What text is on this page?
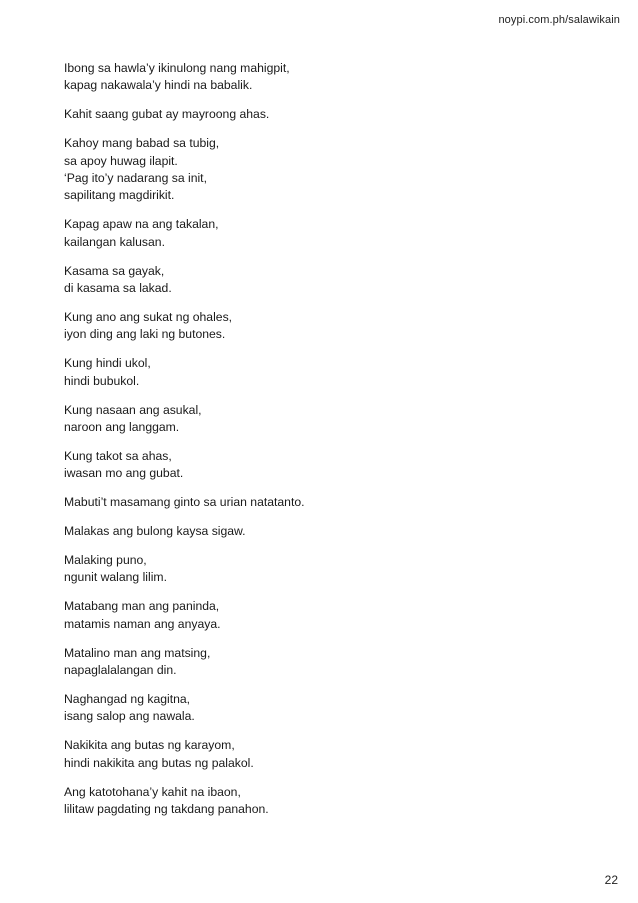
noypi.com.ph/salawikain
Ibong sa hawla’y ikinulong nang mahigpit,
kapag nakawala’y hindi na babalik.
Kahit saang gubat ay mayroong ahas.
Kahoy mang babad sa tubig,
sa apoy huwag ilapit.
‘Pag ito’y nadarang sa init,
sapilitang magdirikit.
Kapag apaw na ang takalan,
kailangan kalusan.
Kasama sa gayak,
di kasama sa lakad.
Kung ano ang sukat ng ohales,
iyon ding ang laki ng butones.
Kung hindi ukol,
hindi bubukol.
Kung nasaan ang asukal,
naroon ang langgam.
Kung takot sa ahas,
iwasan mo ang gubat.
Mabuti’t masamang ginto sa urian natatanto.
Malakas ang bulong kaysa sigaw.
Malaking puno,
ngunit walang lilim.
Matabang man ang paninda,
matamis naman ang anyaya.
Matalino man ang matsing,
napaglalalangan din.
Naghangad ng kagitna,
isang salop ang nawala.
Nakikita ang butas ng karayom,
hindi nakikita ang butas ng palakol.
Ang katotohana’y kahit na ibaon,
lilitaw pagdating ng takdang panahon.
22
